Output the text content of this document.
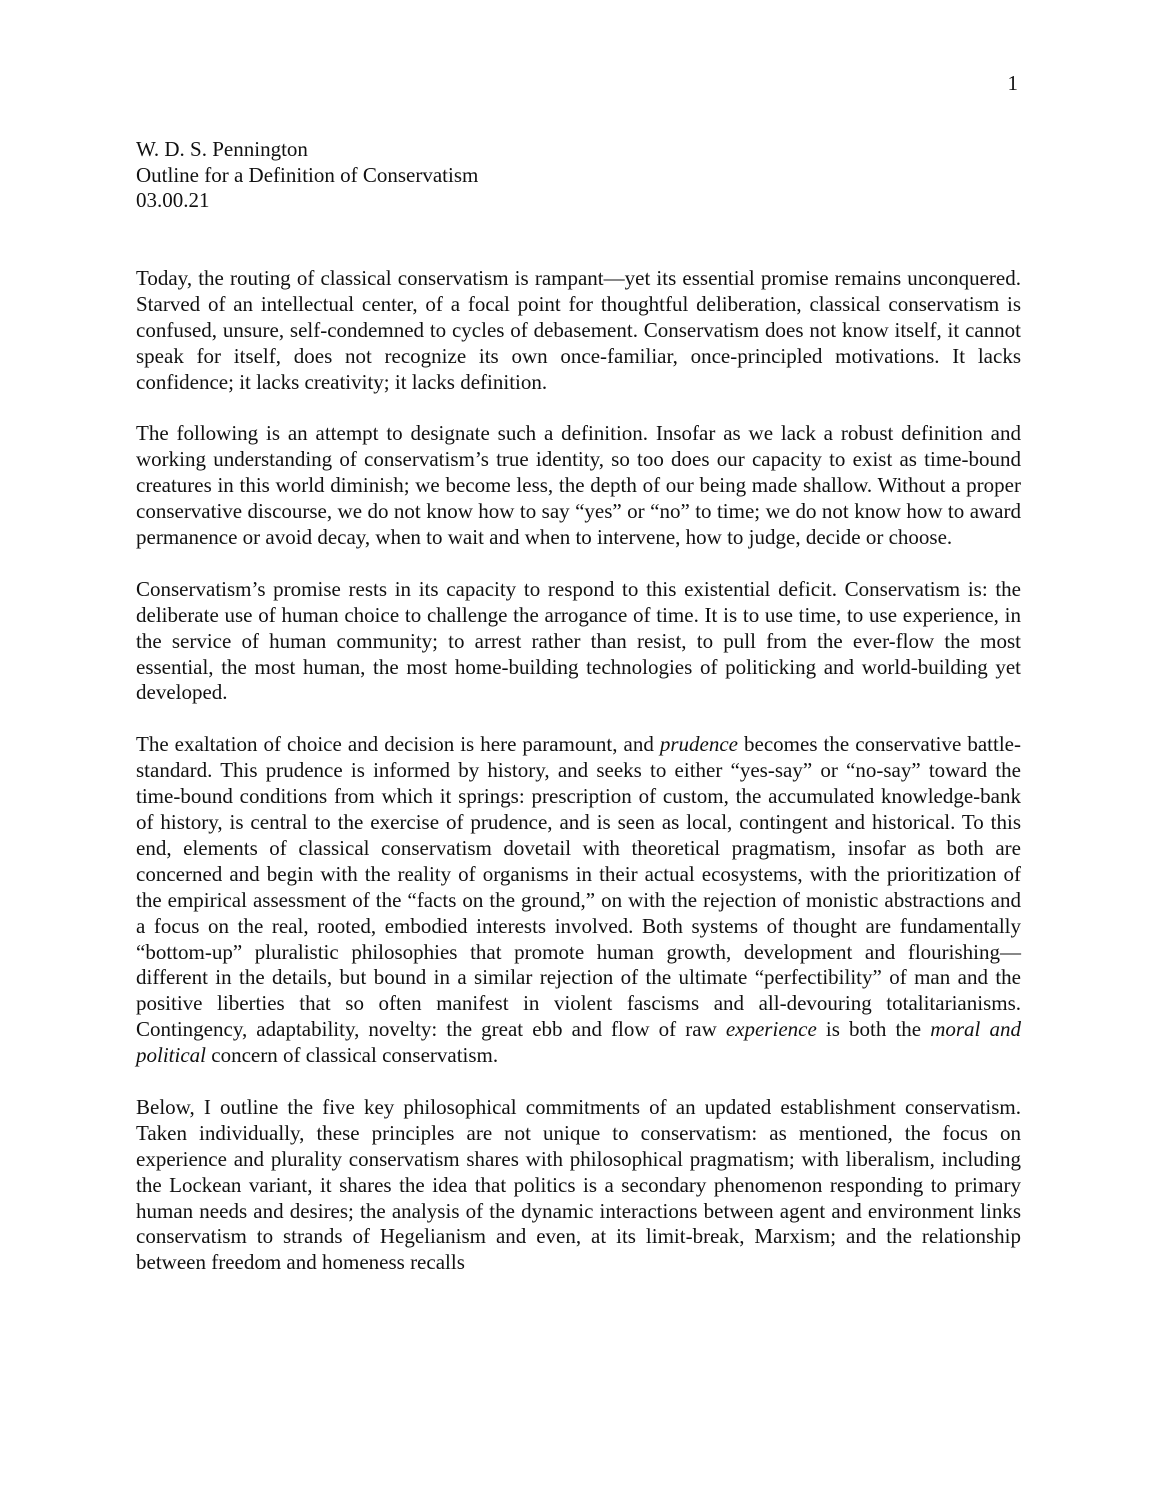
1
W. D. S. Pennington
Outline for a Definition of Conservatism
03.00.21

Today, the routing of classical conservatism is rampant—yet its essential promise remains unconquered. Starved of an intellectual center, of a focal point for thoughtful deliberation, classical conservatism is confused, unsure, self-condemned to cycles of debasement. Conservatism does not know itself, it cannot speak for itself, does not recognize its own once-familiar, once-principled motivations. It lacks confidence; it lacks creativity; it lacks definition.

The following is an attempt to designate such a definition. Insofar as we lack a robust definition and working understanding of conservatism’s true identity, so too does our capacity to exist as time-bound creatures in this world diminish; we become less, the depth of our being made shallow. Without a proper conservative discourse, we do not know how to say “yes” or “no” to time; we do not know how to award permanence or avoid decay, when to wait and when to intervene, how to judge, decide or choose.

Conservatism’s promise rests in its capacity to respond to this existential deficit. Conservatism is: the deliberate use of human choice to challenge the arrogance of time. It is to use time, to use experience, in the service of human community; to arrest rather than resist, to pull from the ever-flow the most essential, the most human, the most home-building technologies of politicking and world-building yet developed.

The exaltation of choice and decision is here paramount, and prudence becomes the conservative battle-standard. This prudence is informed by history, and seeks to either “yes-say” or “no-say” toward the time-bound conditions from which it springs: prescription of custom, the accumulated knowledge-bank of history, is central to the exercise of prudence, and is seen as local, contingent and historical. To this end, elements of classical conservatism dovetail with theoretical pragmatism, insofar as both are concerned and begin with the reality of organisms in their actual ecosystems, with the prioritization of the empirical assessment of the “facts on the ground,” on with the rejection of monistic abstractions and a focus on the real, rooted, embodied interests involved. Both systems of thought are fundamentally “bottom-up” pluralistic philosophies that promote human growth, development and flourishing—different in the details, but bound in a similar rejection of the ultimate “perfectibility” of man and the positive liberties that so often manifest in violent fascisms and all-devouring totalitarianisms. Contingency, adaptability, novelty: the great ebb and flow of raw experience is both the moral and political concern of classical conservatism.

Below, I outline the five key philosophical commitments of an updated establishment conservatism. Taken individually, these principles are not unique to conservatism: as mentioned, the focus on experience and plurality conservatism shares with philosophical pragmatism; with liberalism, including the Lockean variant, it shares the idea that politics is a secondary phenomenon responding to primary human needs and desires; the analysis of the dynamic interactions between agent and environment links conservatism to strands of Hegelianism and even, at its limit-break, Marxism; and the relationship between freedom and homeness recalls
